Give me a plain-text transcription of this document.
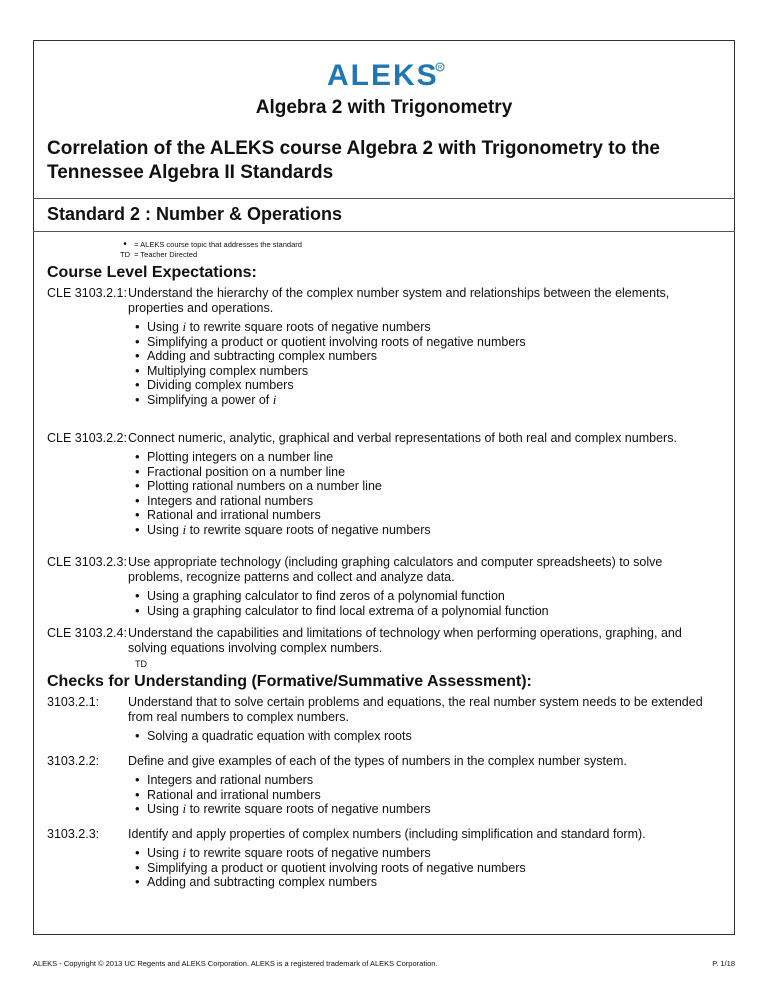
ALEKS R
Algebra 2 with Trigonometry
Correlation of the ALEKS course Algebra 2 with Trigonometry to the Tennessee Algebra II Standards
Standard 2 : Number & Operations
• = ALEKS course topic that addresses the standard
TD = Teacher Directed
Course Level Expectations:
CLE 3103.2.1: Understand the hierarchy of the complex number system and relationships between the elements, properties and operations.
• Using i to rewrite square roots of negative numbers
• Simplifying a product or quotient involving roots of negative numbers
• Adding and subtracting complex numbers
• Multiplying complex numbers
• Dividing complex numbers
• Simplifying a power of i
CLE 3103.2.2: Connect numeric, analytic, graphical and verbal representations of both real and complex numbers.
• Plotting integers on a number line
• Fractional position on a number line
• Plotting rational numbers on a number line
• Integers and rational numbers
• Rational and irrational numbers
• Using i to rewrite square roots of negative numbers
CLE 3103.2.3: Use appropriate technology (including graphing calculators and computer spreadsheets) to solve problems, recognize patterns and collect and analyze data.
• Using a graphing calculator to find zeros of a polynomial function
• Using a graphing calculator to find local extrema of a polynomial function
CLE 3103.2.4: Understand the capabilities and limitations of technology when performing operations, graphing, and solving equations involving complex numbers.
TD
Checks for Understanding (Formative/Summative Assessment):
3103.2.1: Understand that to solve certain problems and equations, the real number system needs to be extended from real numbers to complex numbers.
• Solving a quadratic equation with complex roots
3103.2.2: Define and give examples of each of the types of numbers in the complex number system.
• Integers and rational numbers
• Rational and irrational numbers
• Using i to rewrite square roots of negative numbers
3103.2.3: Identify and apply properties of complex numbers (including simplification and standard form).
• Using i to rewrite square roots of negative numbers
• Simplifying a product or quotient involving roots of negative numbers
• Adding and subtracting complex numbers
ALEKS - Copyright © 2013 UC Regents and ALEKS Corporation. ALEKS is a registered trademark of ALEKS Corporation.	P. 1/18
